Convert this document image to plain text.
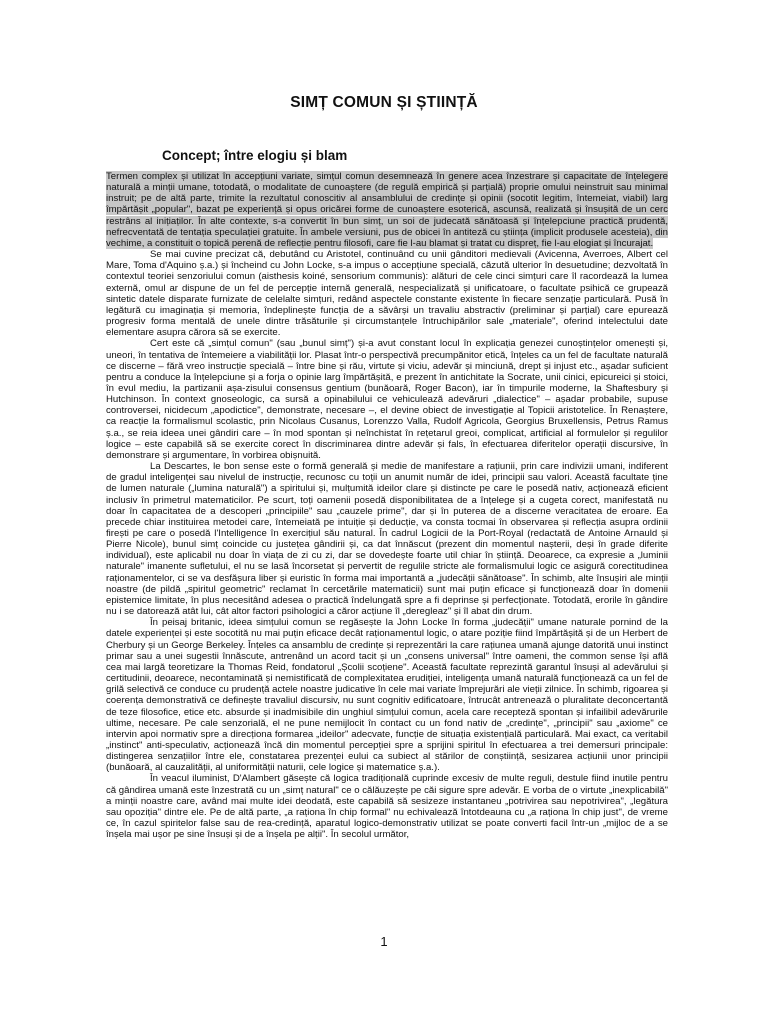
SIMȚ COMUN ȘI ȘTIINȚĂ
Concept; între elogiu și blam

Termen complex și utilizat în accepțiuni variate, simțul comun desemnează în genere acea înzestrare și capacitate de înțelegere naturală a minții umane, totodată, o modalitate de cunoaștere (de regulă empirică și parțială) proprie omului neinstruit sau minimal instruit; pe de altă parte, trimite la rezultatul conoscitiv al ansamblului de credințe și opinii (socotit legitim, întemeiat, viabil) larg împărtășit „popular", bazat pe experiență și opus oricărei forme de cunoaștere esoterică, ascunsă, realizată și însușită de un cerc restrâns al inițiaților. În alte contexte, s-a convertit în bun simț, un soi de judecată sănătoasă și înțelepciune practică prudentă, nefrecventată de tentația speculației gratuite. În ambele versiuni, pus de obicei în antiteză cu știința (implicit produsele acesteia), din vechime, a constituit o topică perenă de reflecție pentru filosofi, care fie l-au blamat și tratat cu dispreț, fie l-au elogiat și încurajat.

Se mai cuvine precizat că, debutând cu Aristotel, continuând cu unii gânditori medievali (Avicenna, Averroes, Albert cel Mare, Toma d'Aquino ș.a.) și încheind cu John Locke, s-a impus o accepțiune specială, căzută ulterior în desuetudine; dezvoltată în contextul teoriei senzoriului comun (aisthesis koiné, sensorium communis): alături de cele cinci simțuri care îl racordează la lumea externă, omul ar dispune de un fel de percepție internă generală, nespecializată și unificatoare, o facultate psihică ce grupează sintetic datele disparate furnizate de celelalte simțuri, redând aspectele constante existente în fiecare senzație particulară. Pusă în legătură cu imaginația și memoria, îndeplinește funcția de a săvârși un travaliu abstractiv (preliminar și parțial) care epurează progresiv forma mentală de unele dintre trăsăturile și circumstanțele întruchipărilor sale „materiale", oferind intelectului date elementare asupra cărora să se exercite.

Cert este că „simțul comun" (sau „bunul simț") și-a avut constant locul în explicația genezei cunoștințelor omenești și, uneori, în tentativa de întemeiere a viabilității lor. Plasat într-o perspectivă precumpănitor etică, înțeles ca un fel de facultate naturală ce discerne – fără vreo instrucție specială – între bine și rău, virtute și viciu, adevăr și minciună, drept și injust etc., așadar suficient pentru a conduce la înțelepciune și a forja o opinie larg împărtășită, e prezent în antichitate la Socrate, unii cinici, epicureici și stoici, în evul mediu, la partizanii așa-zisului consensus gentium (bunăoară, Roger Bacon), iar în timpurile moderne, la Shaftesbury și Hutchinson. În context gnoseologic, ca sursă a opinabilului ce vehiculează adevăruri „dialectice" – așadar probabile, supuse controversei, nicidecum „apodictice", demonstrate, necesare –, el devine obiect de investigație al Topicii aristotelice. În Renaștere, ca reacție la formalismul scolastic, prin Nicolaus Cusanus, Lorenzzo Valla, Rudolf Agricola, Georgius Bruxellensis, Petrus Ramus ș.a., se reia ideea unei gândiri care – în mod spontan și neînchistat în rețetarul greoi, complicat, artificial al formulelor și regulilor logice – este capabilă să se exercite corect în discriminarea dintre adevăr și fals, în efectuarea diferitelor operații discursive, în demonstrare și argumentare, în vorbirea obișnuită.

La Descartes, le bon sense este o formă generală și medie de manifestare a rațiunii, prin care indivizii umani, indiferent de gradul inteligenței sau nivelul de instrucție, recunosc cu toții un anumit număr de idei, principii sau valori. Această facultate ține de lumen naturale („lumina naturală") a spiritului și, mulțumită ideilor clare și distincte pe care le posedă nativ, acționează eficient inclusiv în primetrul matematicilor. Pe scurt, toți oamenii posedă disponibilitatea de a înțelege și a cugeta corect, manifestată nu doar în capacitatea de a descoperi „principiile" sau „cauzele prime", dar și în puterea de a discerne veracitatea de eroare. Ea precede chiar instituirea metodei care, întemeiată pe intuiție și deducție, va consta tocmai în observarea și reflecția asupra ordinii firești pe care o posedă l'Intelligence în exercițiul său natural. În cadrul Logicii de la Port-Royal (redactată de Antoine Arnauld și Pierre Nicole), bunul simț coincide cu justețea gândirii și, ca dat înnăscut (prezent din momentul nașterii, deși în grade diferite individual), este aplicabil nu doar în viața de zi cu zi, dar se dovedește foarte util chiar în știință. Deoarece, ca expresie a „luminii naturale" imanente sufletului, el nu se lasă încorsetat și pervertit de regulile stricte ale formalismului logic ce asigură corectitudinea raționamentelor, ci se va desfășura liber și euristic în forma mai importantă a „judecății sănătoase". În schimb, alte însușiri ale minții noastre (de pildă „spiritul geometric" reclamat în cercetările matematicii) sunt mai puțin eficace și funcționează doar în domenii epistemice limitate, în plus necesitând adesea o practică îndelungată spre a fi deprinse și perfecționate. Totodată, erorile în gândire nu i se datorează atât lui, cât altor factori psihologici a căror acțiune îl „deregleaz" și îl abat din drum.

În peisaj britanic, ideea simțului comun se regăsește la John Locke în forma „judecății" umane naturale pornind de la datele experienței și este socotită nu mai puțin eficace decât raționamentul logic, o atare poziție fiind împărtășită și de un Herbert de Cherbury și un George Berkeley. Înțeles ca ansamblu de credințe și reprezentări la care rațiunea umană ajunge datorită unui instinct primar sau a unei sugestii înnăscute, antrenând un acord tacit și un „consens universal" între oameni, the common sense își află cea mai largă teoretizare la Thomas Reid, fondatorul „Școlii scoțiene". Această facultate reprezintă garantul însuși al adevărului și certitudinii, deoarece, necontaminată și nemistificată de complexitatea erudiției, inteligența umană naturală funcționează ca un fel de grilă selectivă ce conduce cu prudență actele noastre judicative în cele mai variate împrejurări ale vieții zilnice. În schimb, rigoarea și coerența demonstrativă ce definește travaliul discursiv, nu sunt cognitiv edificatoare, întrucât antrenează o pluralitate deconcertantă de teze filosofice, etice etc. absurde și inadmisibile din unghiul simțului comun, acela care recepteză spontan și infailibil adevărurile ultime, necesare. Pe cale senzorială, el ne pune nemijlocit în contact cu un fond nativ de „credințe", „principii" sau „axiome" ce intervin apoi normativ spre a direcționa formarea „ideilor" adecvate, funcție de situația existențială particulară. Mai exact, ca veritabil „instinct" anti-speculativ, acționează încă din momentul percepției spre a sprijini spiritul în efectuarea a trei demersuri principale: distingerea senzațiilor între ele, constatarea prezenței eului ca subiect al stărilor de conștiință, sesizarea acțiunii unor principii (bunăoară, al cauzalității, al uniformității naturii, cele logice și matematice ș.a.).

În veacul iluminist, D'Alambert găsește că logica tradițională cuprinde excesiv de multe reguli, destule fiind inutile pentru că gândirea umană este înzestrată cu un „simț natural" ce o călăuzește pe căi sigure spre adevăr. E vorba de o virtute „inexplicabilă" a minții noastre care, având mai multe idei deodată, este capabilă să sesizeze instantaneu „potrivirea sau nepotrivirea", „legătura sau opoziția" dintre ele. Pe de altă parte, „a raționa în chip formal" nu echivalează întotdeauna cu „a raționa în chip just", de vreme ce, în cazul spiritelor false sau de rea-credință, aparatul logico-demonstrativ utilizat se poate converti facil într-un „mijloc de a se înșela mai ușor pe sine însuși și de a înșela pe alții". În secolul următor,

1
